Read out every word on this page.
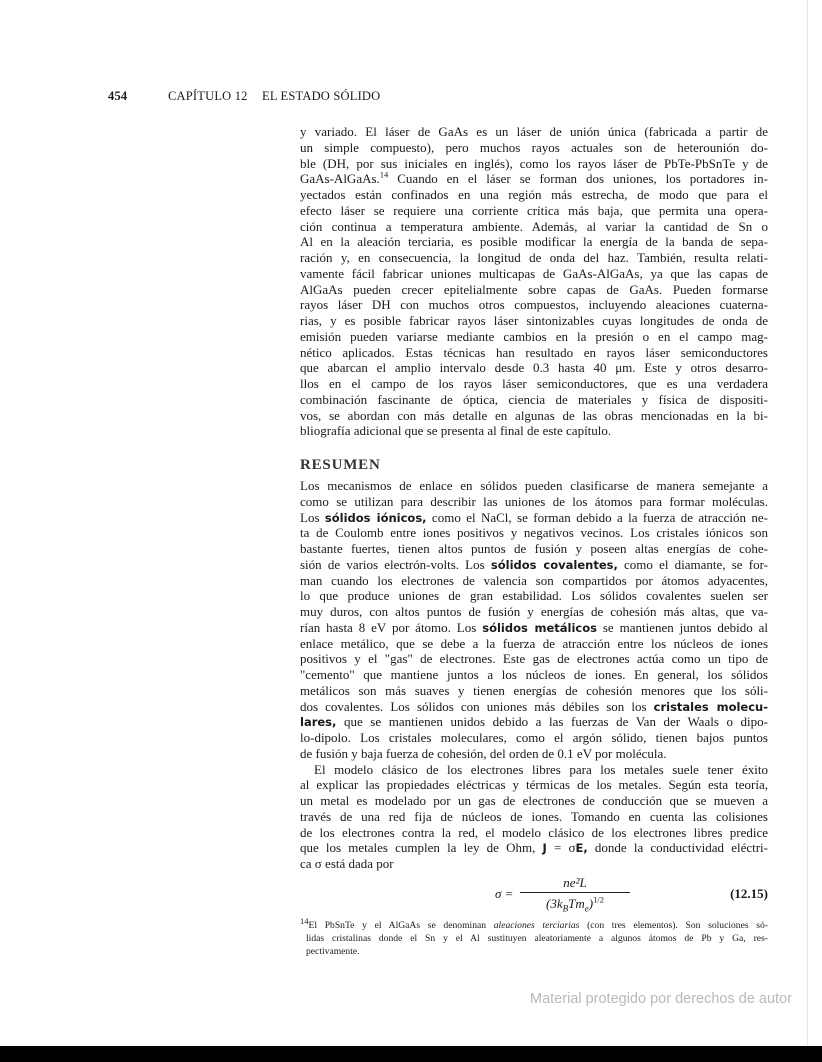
454	CAPÍTULO 12 EL ESTADO SÓLIDO
y variado. El láser de GaAs es un láser de unión única (fabricada a partir de
un simple compuesto), pero muchos rayos actuales son de heterounión do-
ble (DH, por sus iniciales en inglés), como los rayos láser de PbTe-PbSnTe y de
GaAs-AlGaAs.$^{14}$ Cuando en el láser se forman dos uniones, los portadores in-
yectados están confinados en una región más estrecha, de modo que para el
efecto láser se requiere una corriente crítica más baja, que permita una opera-
ción continua a temperatura ambiente. Además, al variar la cantidad de Sn o
Al en la aleación terciaria, es posible modificar la energía de la banda de sepa-
ración y, en consecuencia, la longitud de onda del haz. También, resulta relati-
vamente fácil fabricar uniones multicapas de GaAs-AlGaAs, ya que las capas de
AlGaAs pueden crecer epitelialmente sobre capas de GaAs. Pueden formarse
rayos láser DH con muchos otros compuestos, incluyendo aleaciones cuaterna-
rias, y es posible fabricar rayos láser sintonizables cuyas longitudes de onda de
emisión pueden variarse mediante cambios en la presión o en el campo mag-
nético aplicados. Estas técnicas han resultado en rayos láser semiconductores
que abarcan el amplio intervalo desde 0.3 hasta 40 μm. Este y otros desarro-
llos en el campo de los rayos láser semiconductores, que es una verdadera
combinación fascinante de óptica, ciencia de materiales y física de dispositi-
vos, se abordan con más detalle en algunas de las obras mencionadas en la bi-
bliografía adicional que se presenta al final de este capítulo.
RESUMEN
Los mecanismos de enlace en sólidos pueden clasificarse de manera semejante a
como se utilizan para describir las uniones de los átomos para formar moléculas.
Los sólidos iónicos, como el NaCl, se forman debido a la fuerza de atracción ne-
ta de Coulomb entre iones positivos y negativos vecinos. Los cristales iónicos son
bastante fuertes, tienen altos puntos de fusión y poseen altas energías de cohe-
sión de varios electrón-volts. Los sólidos covalentes, como el diamante, se for-
man cuando los electrones de valencia son compartidos por átomos adyacentes,
lo que produce uniones de gran estabilidad. Los sólidos covalentes suelen ser
muy duros, con altos puntos de fusión y energías de cohesión más altas, que va-
rían hasta 8 eV por átomo. Los sólidos metálicos se mantienen juntos debido al
enlace metálico, que se debe a la fuerza de atracción entre los núcleos de iones
positivos y el "gas" de electrones. Este gas de electrones actúa como un tipo de
"cemento" que mantiene juntos a los núcleos de iones. En general, los sólidos
metálicos son más suaves y tienen energías de cohesión menores que los sóli-
dos covalentes. Los sólidos con uniones más débiles son los cristales molecu-
lares, que se mantienen unidos debido a las fuerzas de Van der Waals o dipo-
lo-dipolo. Los cristales moleculares, como el argón sólido, tienen bajos puntos
de fusión y baja fuerza de cohesión, del orden de 0.1 eV por molécula.
El modelo clásico de los electrones libres para los metales suele tener éxito
al explicar las propiedades eléctricas y térmicas de los metales. Según esta teoría,
un metal es modelado por un gas de electrones de conducción que se mueven a
través de una red fija de núcleos de iones. Tomando en cuenta las colisiones
de los electrones contra la red, el modelo clásico de los electrones libres predice
que los metales cumplen la ley de Ohm, J = σE, donde la conductividad eléctri-
ca σ está dada por
σ =
ne²L
$(3k_BTm_e)^{1/2}$	(12.15)
$^{14}$El PbSnTe y el AlGaAs se denominan aleaciones terciarias (con tres elementos). Son soluciones só-
lidas cristalinas donde el Sn y el Al sustituyen aleatoriamente a algunos átomos de Pb y Ga, res-
pectivamente.
Material protegido por derechos de autor
